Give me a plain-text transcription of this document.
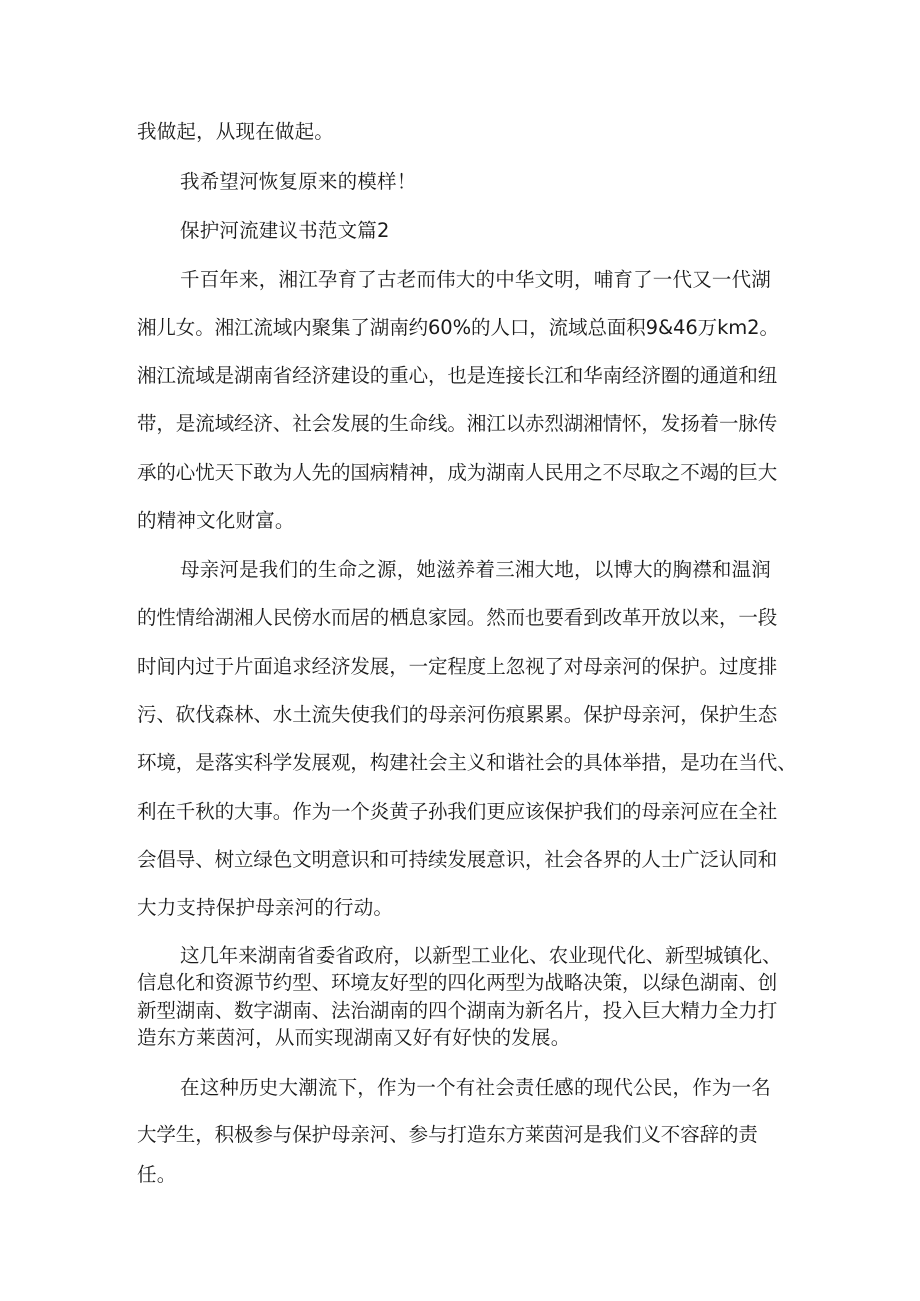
我做起，从现在做起。
我希望河恢复原来的模样！
保护河流建议书范文篇2
千百年来，湘江孕育了古老而伟大的中华文明，哺育了一代又一代湖
湘儿女。湘江流域内聚集了湖南约60%的人口，流域总面积9&46万km2。
湘江流域是湖南省经济建设的重心，也是连接长江和华南经济圈的通道和纽
带，是流域经济、社会发展的生命线。湘江以赤烈湖湘情怀，发扬着一脉传
承的心忧天下敢为人先的国病精神，成为湖南人民用之不尽取之不竭的巨大
的精神文化财富。
母亲河是我们的生命之源，她滋养着三湘大地，以博大的胸襟和温润
的性情给湖湘人民傍水而居的栖息家园。然而也要看到改革开放以来，一段
时间内过于片面追求经济发展，一定程度上忽视了对母亲河的保护。过度排
污、砍伐森林、水土流失使我们的母亲河伤痕累累。保护母亲河，保护生态
环境，是落实科学发展观，构建社会主义和谐社会的具体举措，是功在当代、
利在千秋的大事。作为一个炎黄子孙我们更应该保护我们的母亲河应在全社
会倡导、树立绿色文明意识和可持续发展意识，社会各界的人士广泛认同和
大力支持保护母亲河的行动。
这几年来湖南省委省政府，以新型工业化、农业现代化、新型城镇化、
信息化和资源节约型、环境友好型的四化两型为战略决策，以绿色湖南、创
新型湖南、数字湖南、法治湖南的四个湖南为新名片，投入巨大精力全力打
造东方莱茵河，从而实现湖南又好有好快的发展。
在这种历史大潮流下，作为一个有社会责任感的现代公民，作为一名
大学生，积极参与保护母亲河、参与打造东方莱茵河是我们义不容辞的责
任。
